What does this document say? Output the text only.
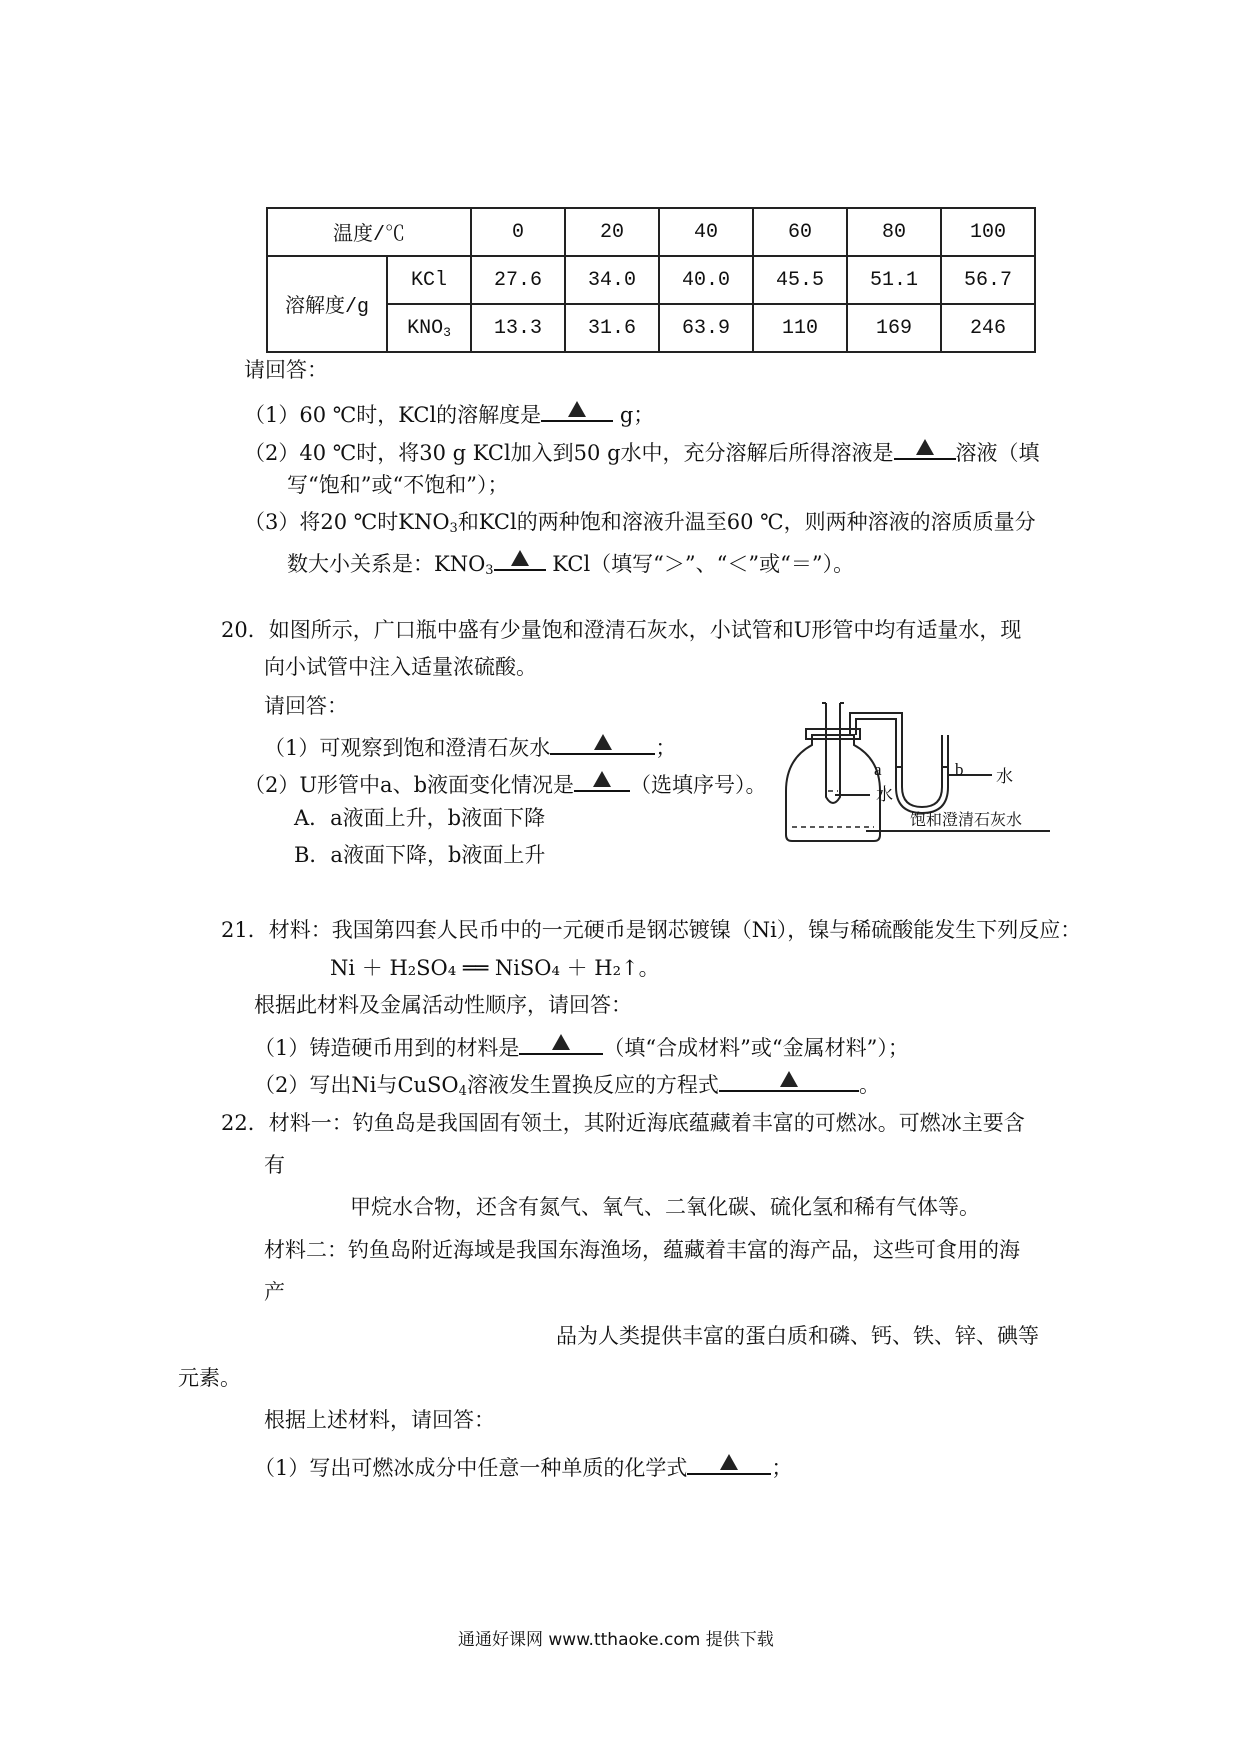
温度/℃		0	20	40	60	80	100
溶解度/g	KCl	27.6	34.0	40.0	45.5	51.1	56.7
	$KNO_3$	13.3	31.6	63.9	110	169	246
请回答：
（1）60 ℃时，KCl的溶解度是	g；
（2）40 ℃时，将30 g KCl加入到50 g水中，充分溶解后所得溶液是	溶液（填
写“饱和”或“不饱和”）；
（3）将20 ℃时$KNO_3$和KCl的两种饱和溶液升温至60 ℃，则两种溶液的溶质质量分
数大小关系是：$KNO_3$	KCl（填写“＞”、“＜”或“＝”）。
20．如图所示，广口瓶中盛有少量饱和澄清石灰水，小试管和U形管中均有适量水，现
向小试管中注入适量浓硫酸。
请回答：
（1）可观察到饱和澄清石灰水	；
（2）U形管中a、b液面变化情况是	（选填序号）。
A．a液面上升，b液面下降
B．a液面下降，b液面上升
a	b 水
水
饱和澄清石灰水
21．材料：我国第四套人民币中的一元硬币是钢芯镀镍（Ni），镍与稀硫酸能发生下列反应：
Ni ＋ H₂SO₄ ══ NiSO₄ ＋ H₂↑。
根据此材料及金属活动性顺序，请回答：
（1）铸造硬币用到的材料是	（填“合成材料”或“金属材料”）；
（2）写出Ni与CuSO$_4$溶液发生置换反应的方程式	。
22．材料一：钓鱼岛是我国固有领土，其附近海底蕴藏着丰富的可燃冰。可燃冰主要含
有
甲烷水合物，还含有氮气、氧气、二氧化碳、硫化氢和稀有气体等。
材料二：钓鱼岛附近海域是我国东海渔场，蕴藏着丰富的海产品，这些可食用的海
产
品为人类提供丰富的蛋白质和磷、钙、铁、锌、碘等
元素。
根据上述材料，请回答：
（1）写出可燃冰成分中任意一种单质的化学式	；
通通好课网 www.tthaoke.com 提供下载
